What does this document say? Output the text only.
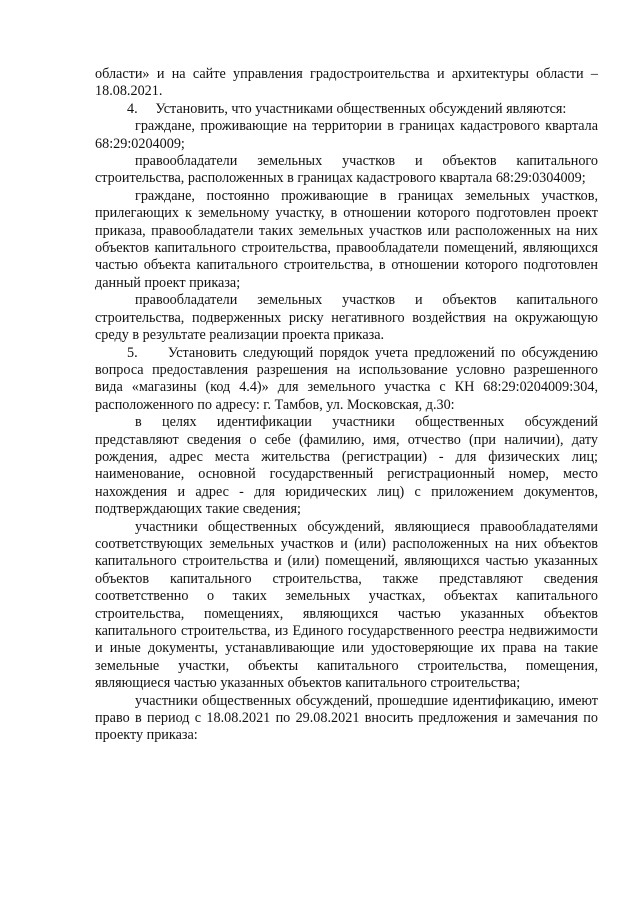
области» и на сайте управления градостроительства и архитектуры области – 18.08.2021.

4.     Установить, что участниками общественных обсуждений являются:

граждане, проживающие на территории в границах кадастрового квартала 68:29:0204009;

правообладатели земельных участков и объектов капитального строительства, расположенных в границах кадастрового квартала 68:29:0304009;

граждане, постоянно проживающие в границах земельных участков, прилегающих к земельному участку, в отношении которого подготовлен проект приказа, правообладатели таких земельных участков или расположенных на них объектов капитального строительства, правообладатели помещений, являющихся частью объекта капитального строительства, в отношении которого подготовлен данный проект приказа;

правообладатели земельных участков и объектов капитального строительства, подверженных риску негативного воздействия на окружающую среду в результате реализации проекта приказа.

5.     Установить следующий порядок учета предложений по обсуждению вопроса предоставления разрешения на использование условно разрешенного вида «магазины (код 4.4)» для земельного участка с КН 68:29:0204009:304, расположенного по адресу: г. Тамбов, ул. Московская, д.30:

в целях идентификации участники общественных обсуждений представляют сведения о себе (фамилию, имя, отчество (при наличии), дату рождения, адрес места жительства (регистрации) - для физических лиц; наименование, основной государственный регистрационный номер, место нахождения и адрес - для юридических лиц) с приложением документов, подтверждающих такие сведения;

участники общественных обсуждений, являющиеся правообладателями соответствующих земельных участков и (или) расположенных на них объектов капитального строительства и (или) помещений, являющихся частью указанных объектов капитального строительства, также представляют сведения соответственно о таких земельных участках, объектах капитального строительства, помещениях, являющихся частью указанных объектов капитального строительства, из Единого государственного реестра недвижимости и иные документы, устанавливающие или удостоверяющие их права на такие земельные участки, объекты капитального строительства, помещения, являющиеся частью указанных объектов капитального строительства;

участники общественных обсуждений, прошедшие идентификацию, имеют право в период с 18.08.2021 по 29.08.2021 вносить предложения и замечания по проекту приказа:
